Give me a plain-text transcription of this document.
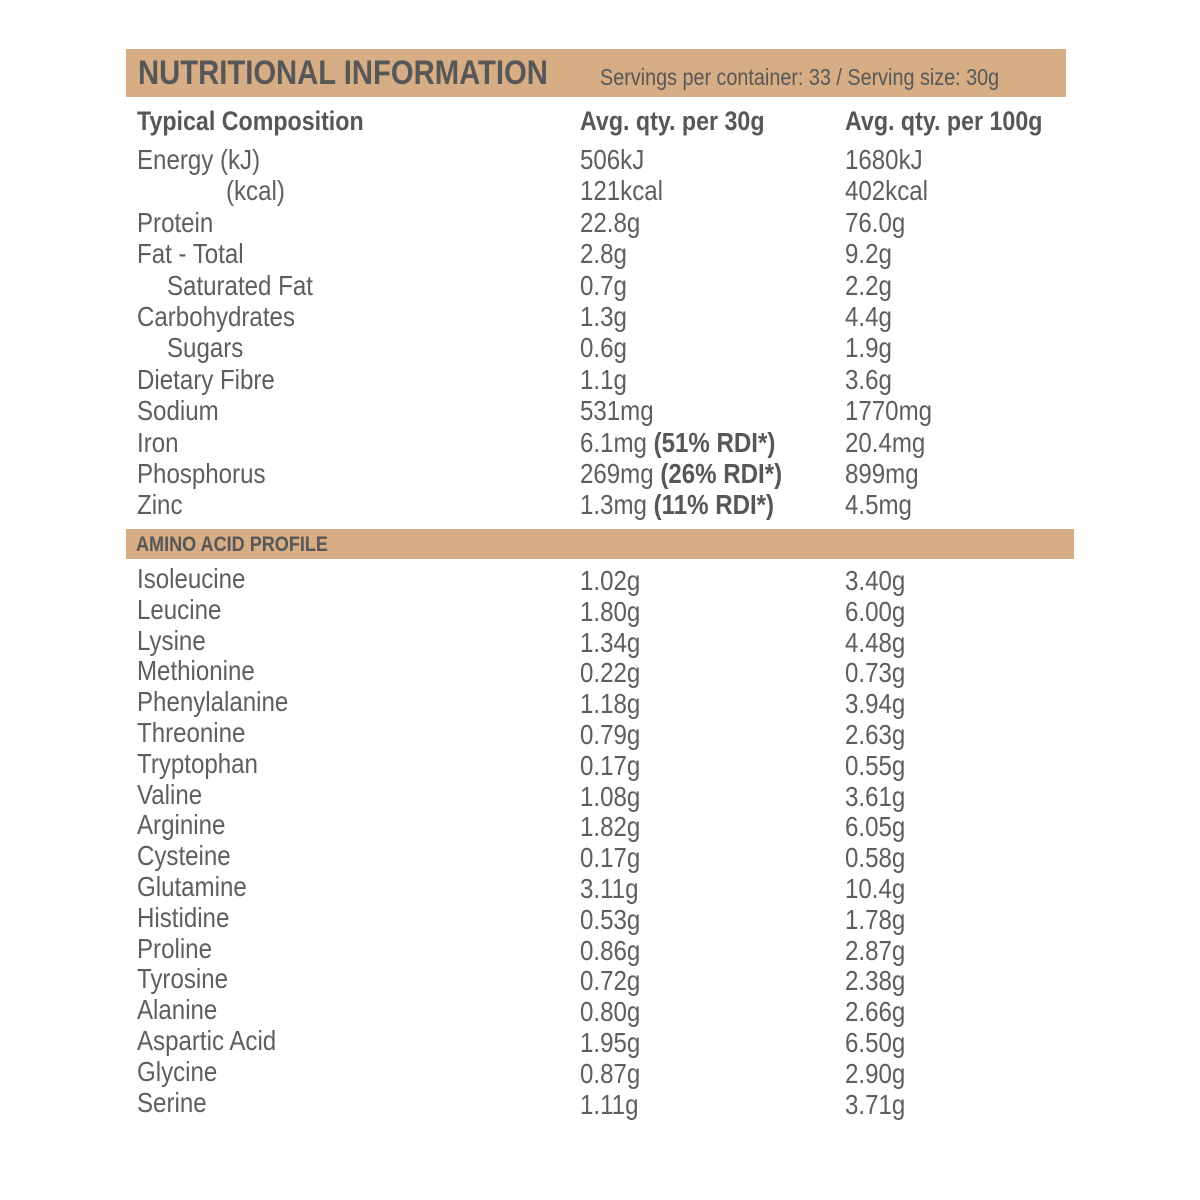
NUTRITIONAL INFORMATION Servings per container: 33 / Serving size: 30g
Typical Composition	Avg. qty. per 30g	Avg. qty. per 100g
Energy (kJ)	506kJ	1680kJ
(kcal)	121kcal	402kcal
Protein	22.8g	76.0g
Fat - Total	2.8g	9.2g
Saturated Fat	0.7g	2.2g
Carbohydrates	1.3g	4.4g
Sugars	0.6g	1.9g
Dietary Fibre	1.1g	3.6g
Sodium	531mg	1770mg
Iron	6.1mg (51% RDI*) 20.4mg
Phosphorus	269mg (26% RDI*) 899mg
Zinc	1.3mg (11% RDI*)	4.5mg
AMINO ACID PROFILE
Isoleucine	1.02g	3.40g
Leucine	1.80g	6.00g
Lysine	1.34g	4.48g
Methionine	0.22g	0.73g
Phenylalanine	1.18g	3.94g
Threonine	0.79g	2.63g
Tryptophan	0.17g	0.55g
Valine	1.08g	3.61g
Arginine	1.82g	6.05g
Cysteine	0.17g	0.58g
Glutamine	3.11g	10.4g
Histidine	0.53g	1.78g
Proline	0.86g	2.87g
Tyrosine	0.72g	2.38g
Alanine	0.80g	2.66g
Aspartic Acid	1.95g	6.50g
Glycine	0.87g	2.90g
Serine	1.11g	3.71g
